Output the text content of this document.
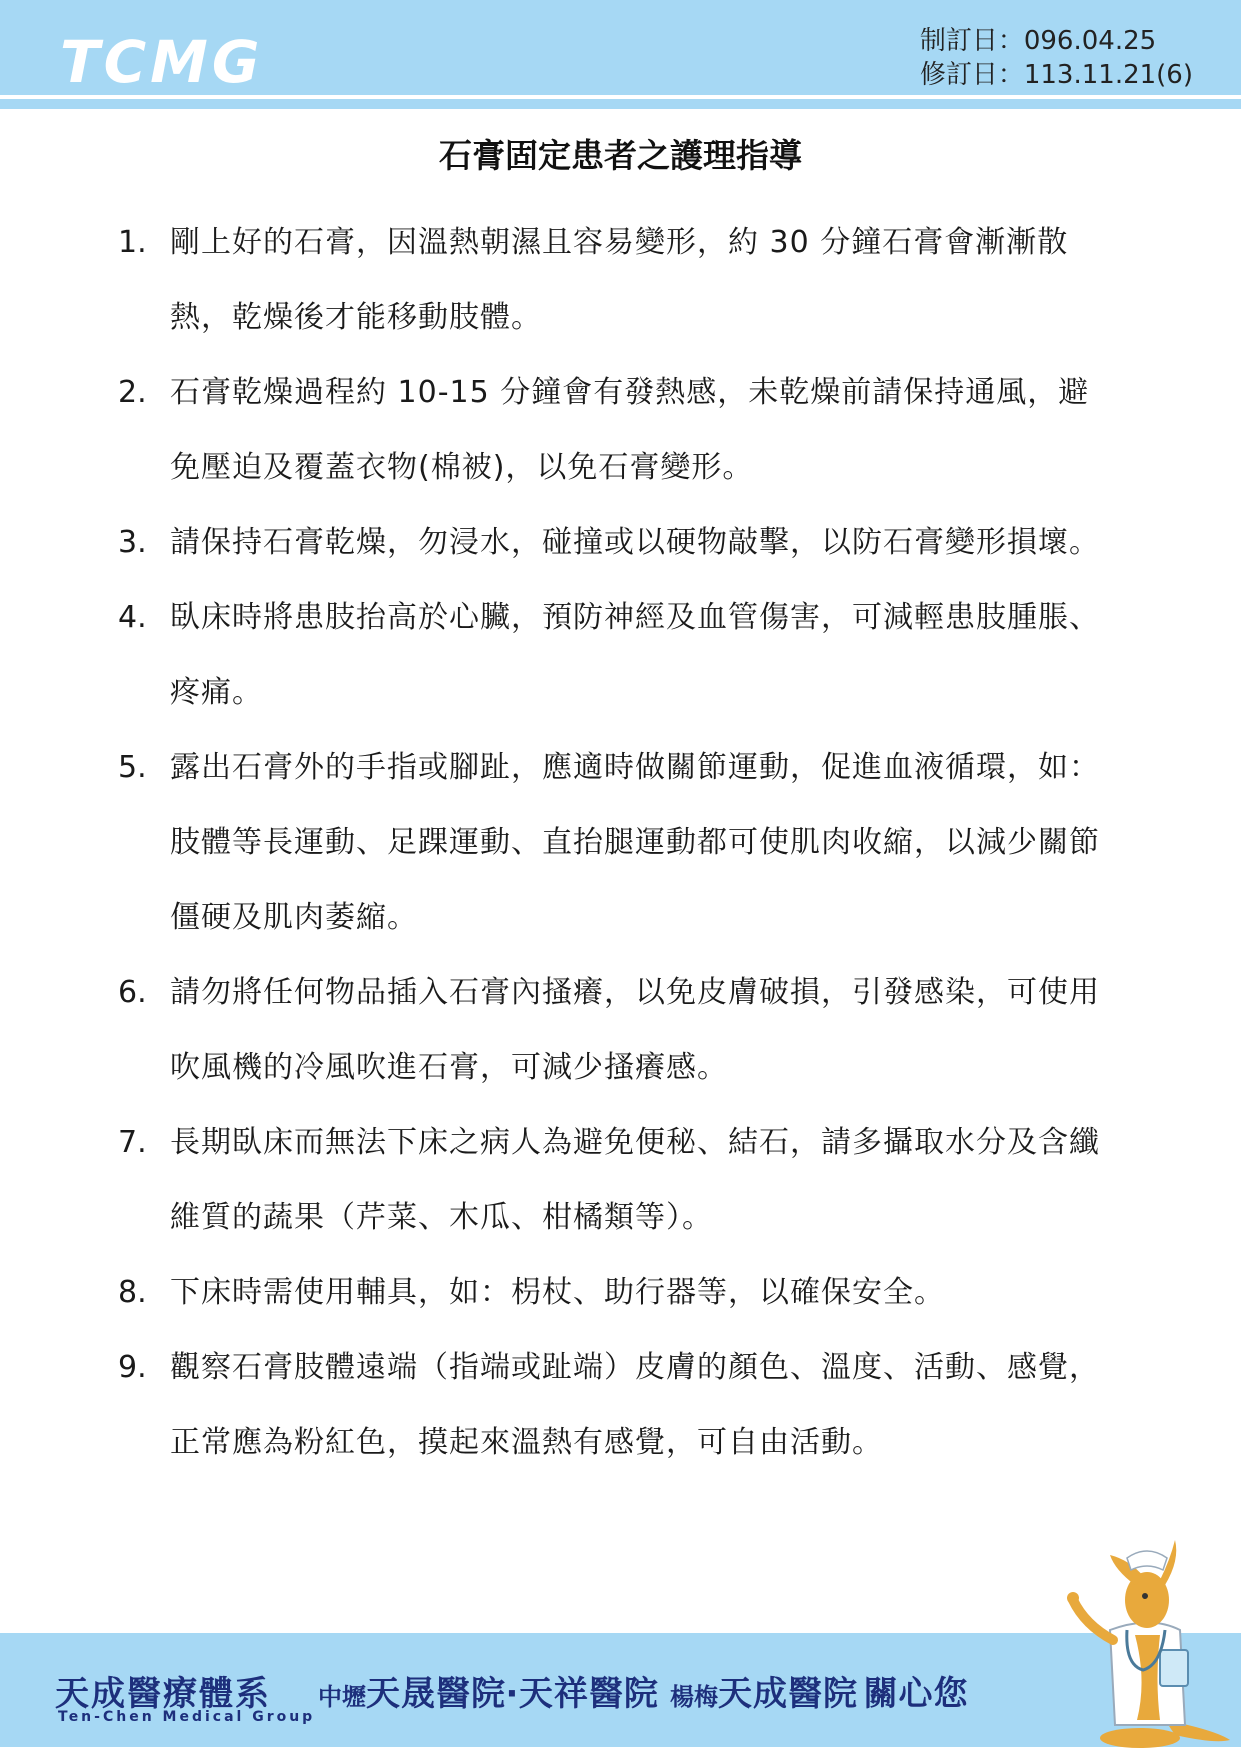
TCMG	制訂日：096.04.25
修訂日：113.11.21(6)
石膏固定患者之護理指導
1. 剛上好的石膏，因溫熱朝濕且容易變形，約 30 分鐘石膏會漸漸散熱，乾燥後才能移動肢體。
2. 石膏乾燥過程約 10-15 分鐘會有發熱感，未乾燥前請保持通風，避免壓迫及覆蓋衣物(棉被)，以免石膏變形。
3. 請保持石膏乾燥，勿浸水，碰撞或以硬物敲擊，以防石膏變形損壞。
4. 臥床時將患肢抬高於心臟，預防神經及血管傷害，可減輕患肢腫脹、疼痛。
5. 露出石膏外的手指或腳趾，應適時做關節運動，促進血液循環，如：肢體等長運動、足踝運動、直抬腿運動都可使肌肉收縮，以減少關節僵硬及肌肉萎縮。
6. 請勿將任何物品插入石膏內搔癢，以免皮膚破損，引發感染，可使用吹風機的冷風吹進石膏，可減少搔癢感。
7. 長期臥床而無法下床之病人為避免便秘、結石，請多攝取水分及含纖維質的蔬果（芹菜、木瓜、柑橘類等）。
8. 下床時需使用輔具，如：枴杖、助行器等，以確保安全。
9. 觀察石膏肢體遠端（指端或趾端）皮膚的顏色、溫度、活動、感覺，正常應為粉紅色，摸起來溫熱有感覺，可自由活動。
天成醫療體系
Ten-Chen Medical Group
中壢天晟醫院‧天祥醫院 楊梅天成醫院 關心您
